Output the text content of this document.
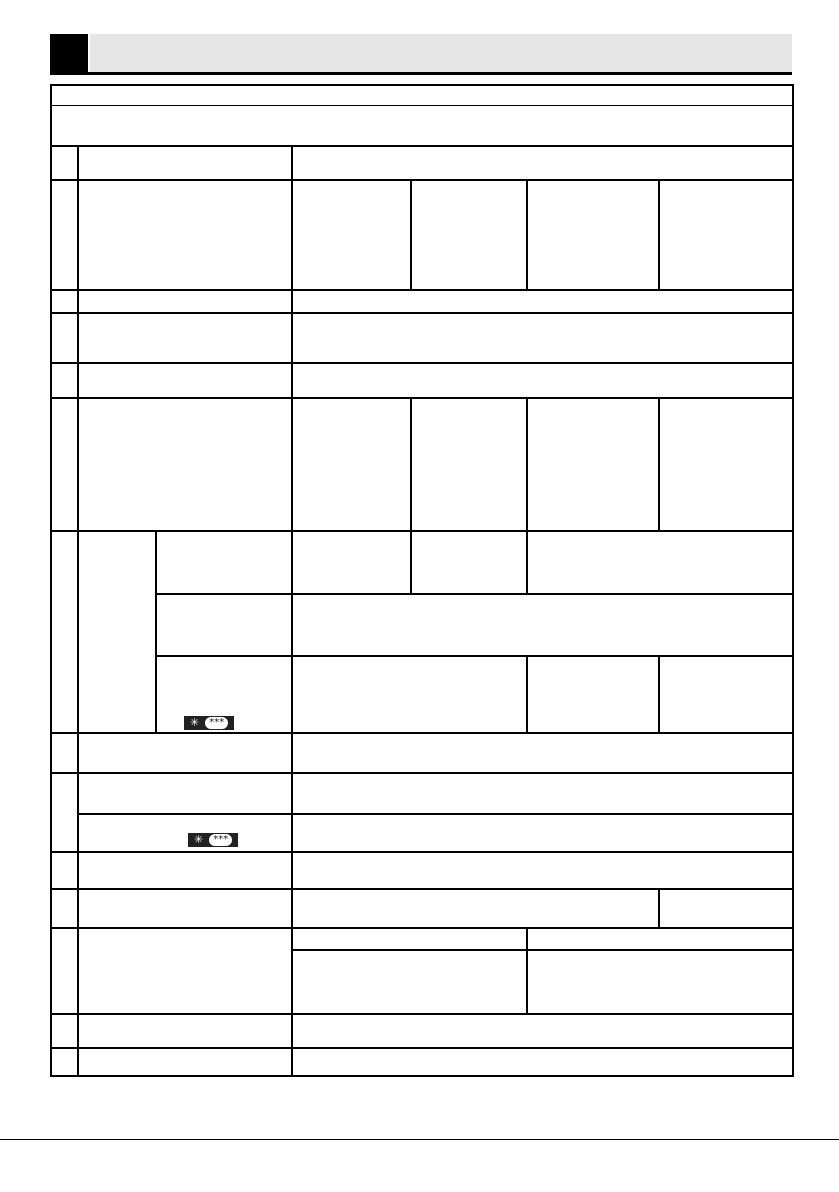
✳	***
✳	***
